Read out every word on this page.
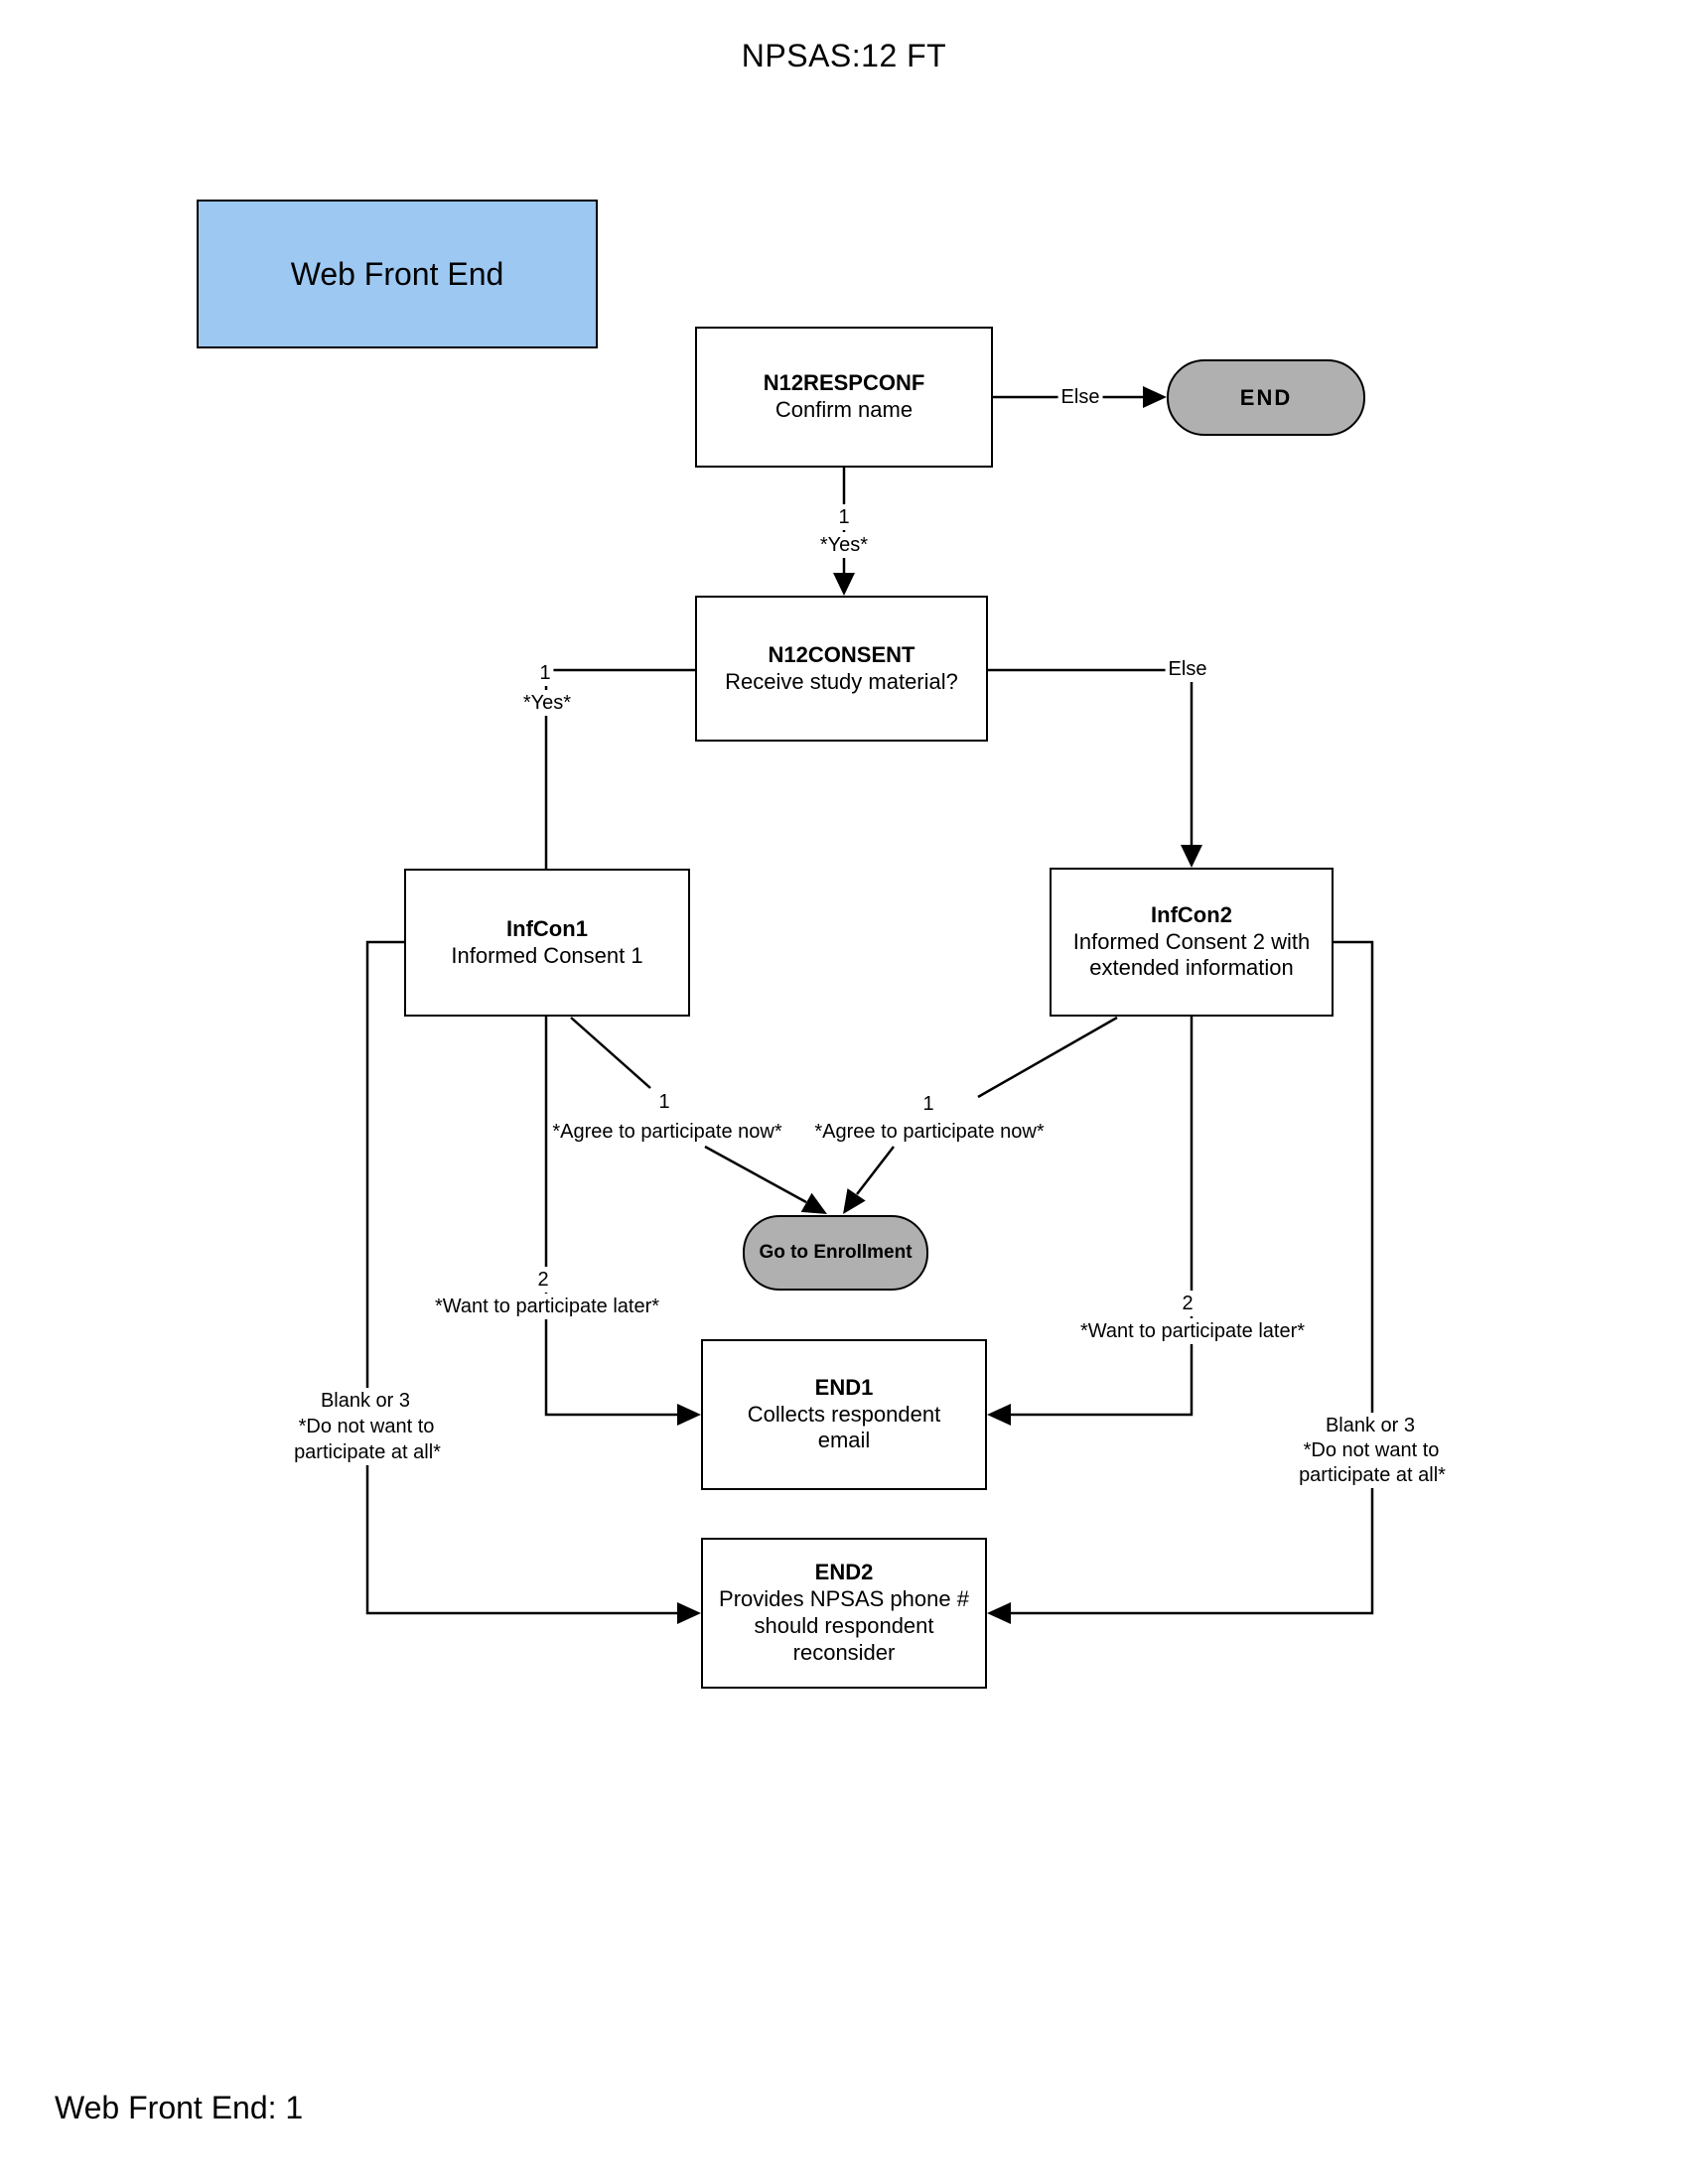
NPSAS:12 FT
Web Front End: 1
Web Front End
N12RESPCONF
Confirm name	END
N12CONSENT
Receive study material?
InfCon1
Informed Consent 1
InfCon2
Informed Consent 2 with extended information
Go to Enrollment
END1
Collects respondent email
END2
Provides NPSAS phone # should respondent reconsider
Else
1
*Yes*
1
*Yes*
Else
1
*Agree to participate now*
1
*Agree to participate now*
2
*Want to participate later*	2
*Want to participate later*
Blank or 3
*Do not want to
participate at all*
Blank or 3
*Do not want to
participate at all*
